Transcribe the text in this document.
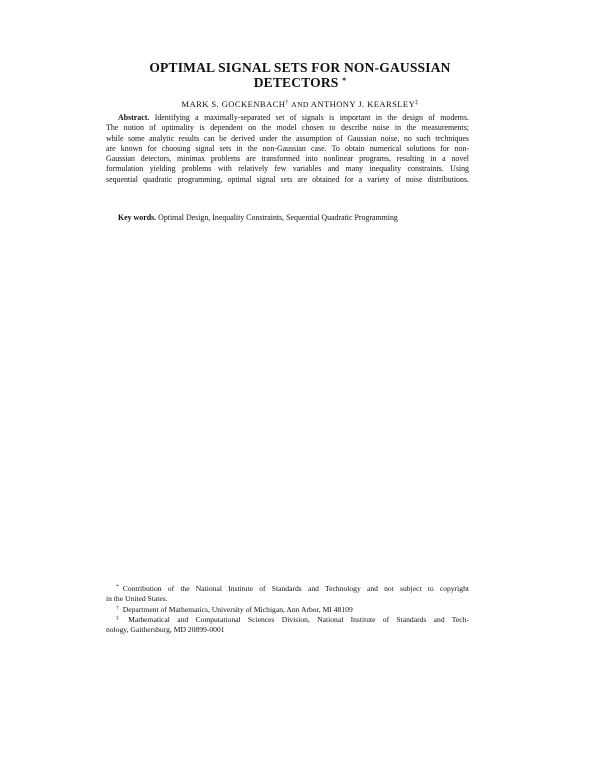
OPTIMAL SIGNAL SETS FOR NON-GAUSSIAN
DETECTORS *
MARK S. GOCKENBACH† AND ANTHONY J. KEARSLEY‡
Abstract. Identifying a maximally-separated set of signals is important in the design of modems.
The notion of optimality is dependent on the model chosen to describe noise in the measurements;
while some analytic results can be derived under the assumption of Gaussian noise, no such techniques
are known for choosing signal sets in the non-Gaussian case. To obtain numerical solutions for non-
Gaussian detectors, minimax problems are transformed into nonlinear programs, resulting in a novel
formulation yielding problems with relatively few variables and many inequality constraints. Using
sequential quadratic programming, optimal signal sets are obtained for a variety of noise distributions.
Key words. Optimal Design, Inequality Constraints, Sequential Quadratic Programming
* Contribution of the National Institute of Standards and Technology and not subject to copyright
in the United States.
† Department of Mathematics, University of Michigan, Ann Arbor, MI 48109
‡ Mathematical and Computational Sciences Division, National Institute of Standards and Tech-
nology, Gaithersburg, MD 20899-0001
